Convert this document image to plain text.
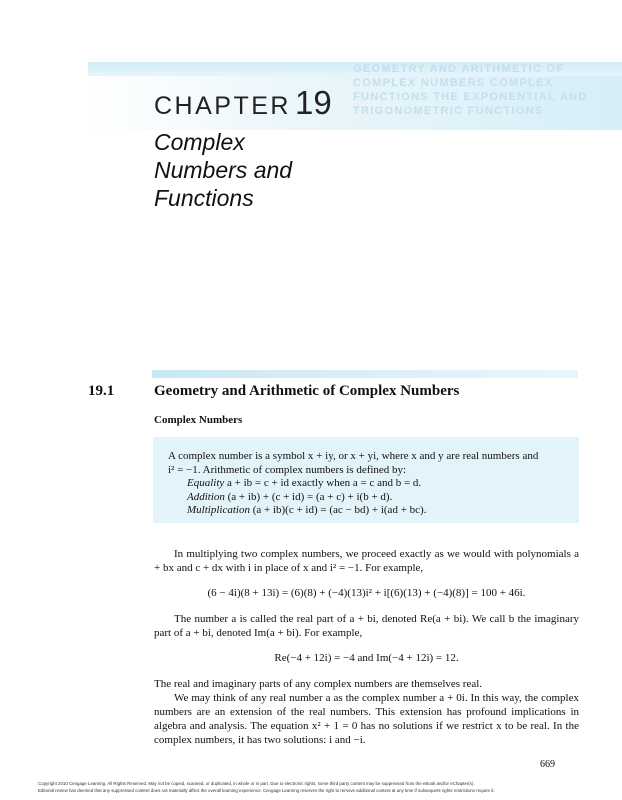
GEOMETRY AND ARITHMETIC OF
COMPLEX NUMBERS COMPLEX
FUNCTIONS THE EXPONENTIAL AND
TRIGONOMETRIC FUNCTIONS
CHAPTER 19
Complex
Numbers and
Functions
19.1	Geometry and Arithmetic of Complex Numbers
Complex Numbers
A complex number is a symbol x + iy, or x + yi, where x and y are real numbers and
i² = −1. Arithmetic of complex numbers is defined by:
Equality a + ib = c + id exactly when a = c and b = d.
Addition (a + ib) + (c + id) = (a + c) + i(b + d).
Multiplication (a + ib)(c + id) = (ac − bd) + i(ad + bc).
In multiplying two complex numbers, we proceed exactly as we would with polynomials a + bx and c + dx with i in place of x and i² = −1. For example,
(6 − 4i)(8 + 13i) = (6)(8) + (−4)(13)i² + i[(6)(13) + (−4)(8)] = 100 + 46i.
The number a is called the real part of a + bi, denoted Re(a + bi). We call b the imaginary part of a + bi, denoted Im(a + bi). For example,
Re(−4 + 12i) = −4 and Im(−4 + 12i) = 12.
The real and imaginary parts of any complex numbers are themselves real.
We may think of any real number a as the complex number a + 0i. In this way, the complex numbers are an extension of the real numbers. This extension has profound implications in algebra and analysis. The equation x² + 1 = 0 has no solutions if we restrict x to be real. In the complex numbers, it has two solutions: i and −i.
669
Copyright 2010 Cengage Learning. All Rights Reserved. May not be copied, scanned, or duplicated, in whole or in part. Due to electronic rights, some third party content may be suppressed from the eBook and/or eChapter(s).
Editorial review has deemed that any suppressed content does not materially affect the overall learning experience. Cengage Learning reserves the right to remove additional content at any time if subsequent rights restrictions require it.
